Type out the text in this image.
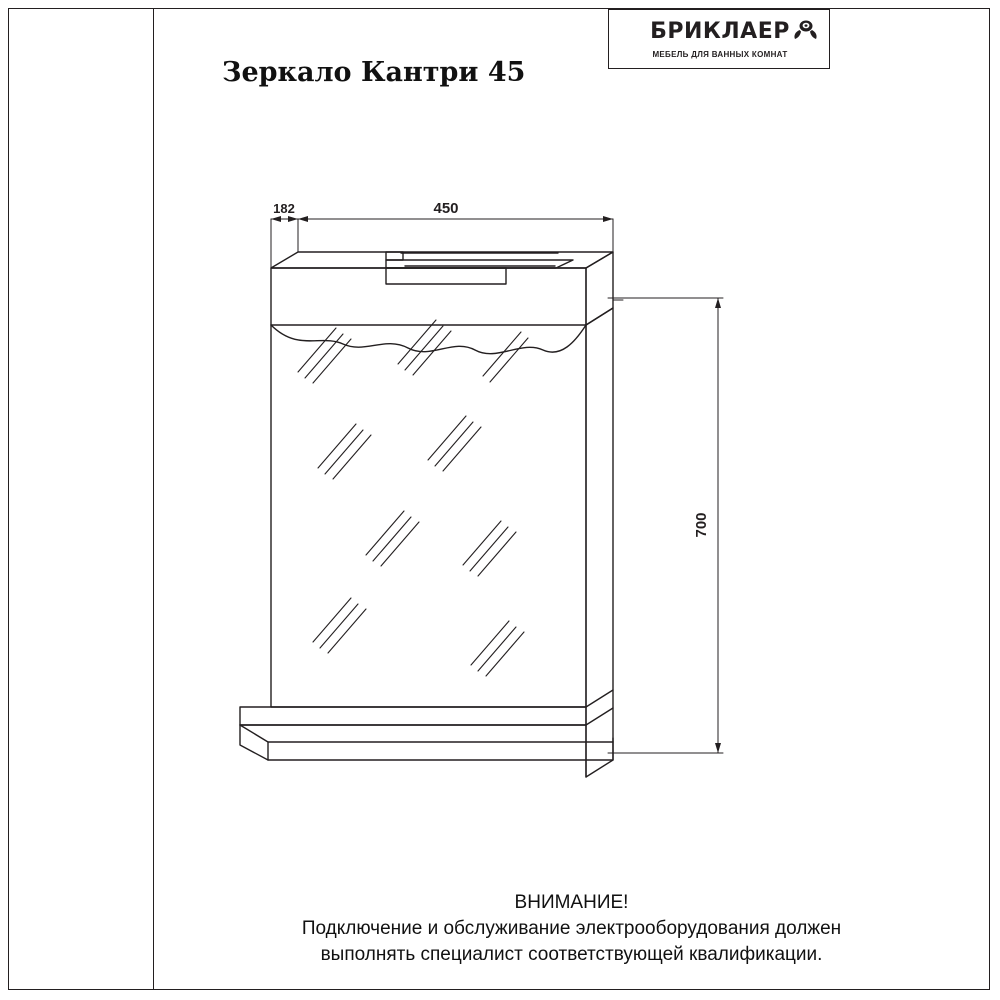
БРИКЛАЕР
МЕБЕЛЬ ДЛЯ ВАННЫХ КОМНАТ
Зеркало Кантри 45
450
182
700
ВНИМАНИЕ!
Подключение и обслуживание электрооборудования должен
выполнять специалист соответствующей квалификации.
